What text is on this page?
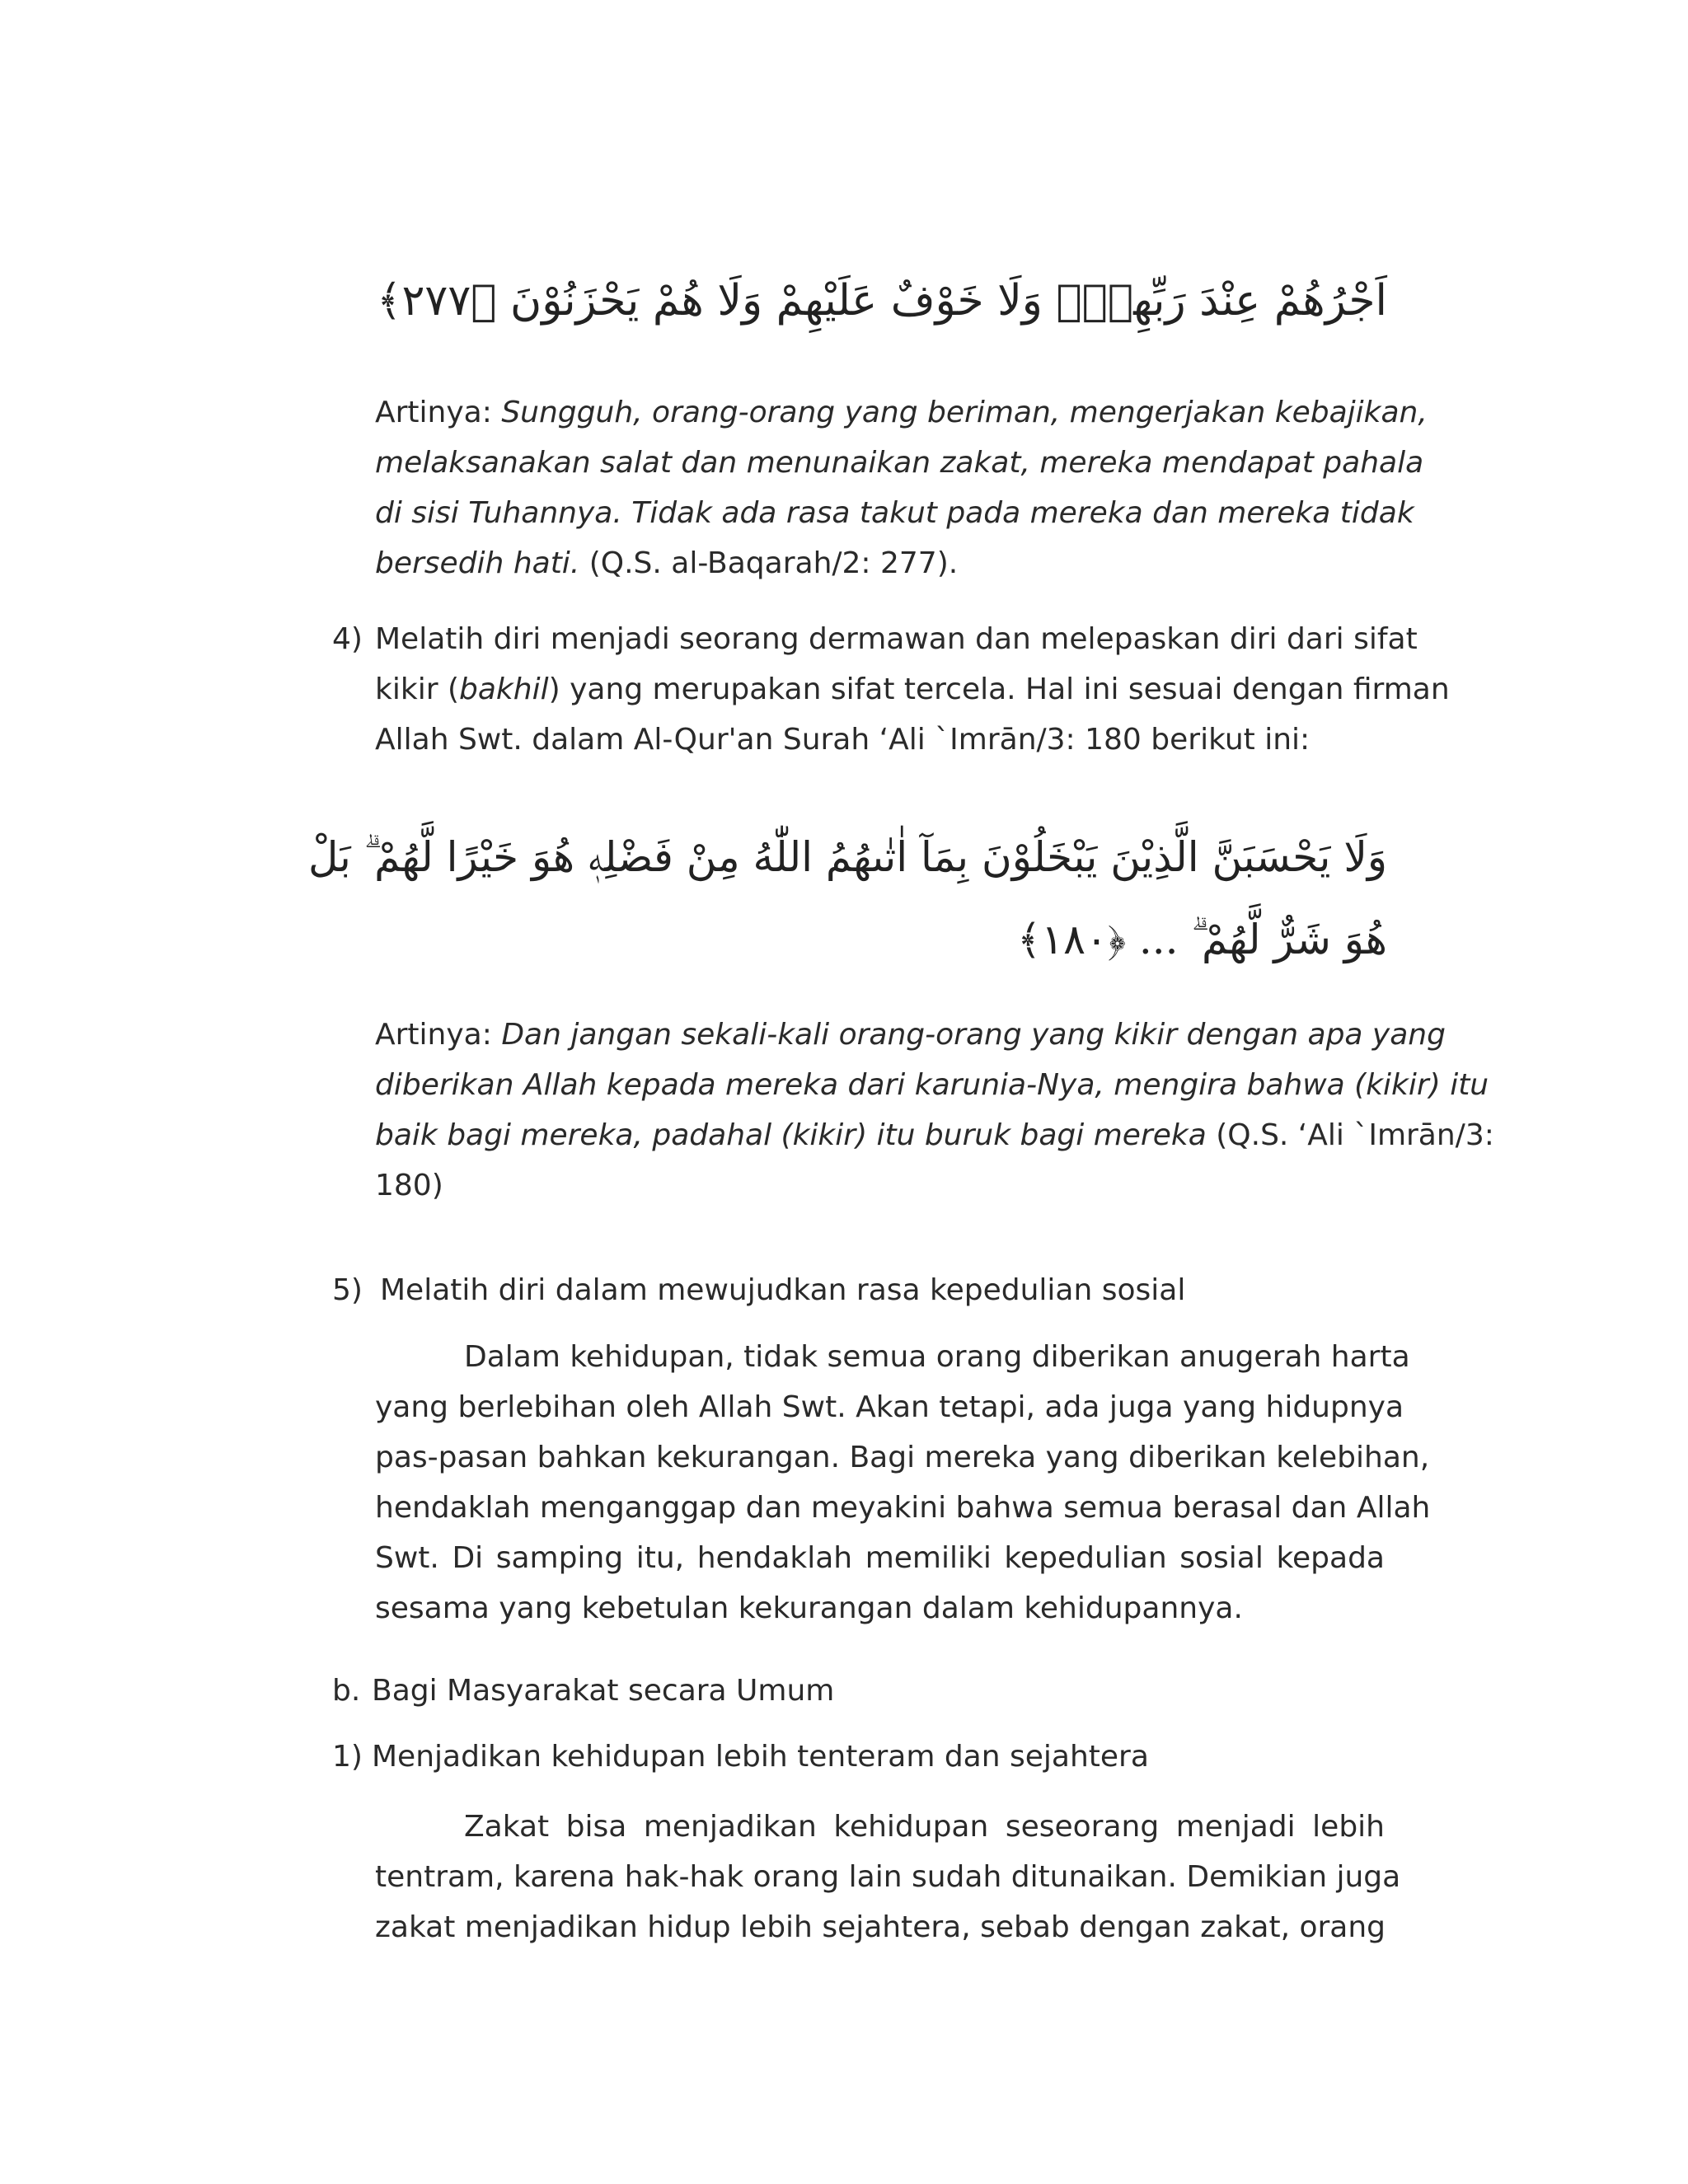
اَجْرُهُمْ عِنْدَ رَبِّهِمْۚ وَلَا خَوْفٌ عَلَيْهِمْ وَلَا هُمْ يَحْزَنُوْنَ ﴿٢٧٧﴾
Artinya: Sungguh, orang-orang yang beriman, mengerjakan kebajikan,
melaksanakan salat dan menunaikan zakat, mereka mendapat pahala
di sisi Tuhannya. Tidak ada rasa takut pada mereka dan mereka tidak
bersedih hati. (Q.S. al-Baqarah/2: 277).
4) Melatih diri menjadi seorang dermawan dan melepaskan diri dari sifat
kikir (bakhil) yang merupakan sifat tercela. Hal ini sesuai dengan firman
Allah Swt. dalam Al-Qur'an Surah ‘Ali `Imrān/3: 180 berikut ini:
وَلَا يَحْسَبَنَّ الَّذِيْنَ يَبْخَلُوْنَ بِمَآ اٰتٰىهُمُ اللّٰهُ مِنْ فَضْلِهٖ هُوَ خَيْرًا لَّهُمْ ۗ بَلْ
هُوَ شَرٌّ لَّهُمْ ۗ ... ﴿١٨٠﴾
Artinya: Dan jangan sekali-kali orang-orang yang kikir dengan apa yang
diberikan Allah kepada mereka dari karunia-Nya, mengira bahwa (kikir) itu
baik bagi mereka, padahal (kikir) itu buruk bagi mereka (Q.S. ‘Ali `Imrān/3:
180)
5) Melatih diri dalam mewujudkan rasa kepedulian sosial
Dalam kehidupan, tidak semua orang diberikan anugerah harta
yang berlebihan oleh Allah Swt. Akan tetapi, ada juga yang hidupnya
pas-pasan bahkan kekurangan. Bagi mereka yang diberikan kelebihan,
hendaklah menganggap dan meyakini bahwa semua berasal dan Allah
Swt. Di samping itu, hendaklah memiliki kepedulian sosial kepada
sesama yang kebetulan kekurangan dalam kehidupannya.
b. Bagi Masyarakat secara Umum
1) Menjadikan kehidupan lebih tenteram dan sejahtera
Zakat bisa menjadikan kehidupan seseorang menjadi lebih
tentram, karena hak-hak orang lain sudah ditunaikan. Demikian juga
zakat menjadikan hidup lebih sejahtera, sebab dengan zakat, orang
